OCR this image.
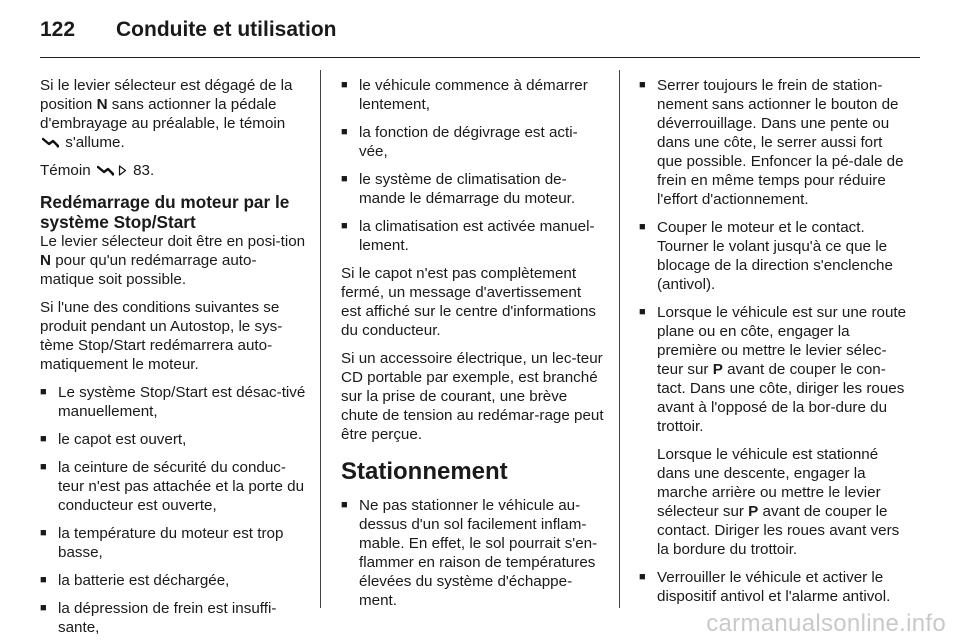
122	Conduite et utilisation

Si le levier sélecteur est dégagé de la position N sans actionner la pédale d'embrayage au préalable, le témoin  s'allume.

Témoin  83.

Redémarrage du moteur par le système Stop/Start

Le levier sélecteur doit être en posi-tion N pour qu'un redémarrage auto-matique soit possible.

Si l'une des conditions suivantes se produit pendant un Autostop, le sys-tème Stop/Start redémarrera auto-matiquement le moteur.

■ Le système Stop/Start est désac-tivé manuellement,
■ le capot est ouvert,
■ la ceinture de sécurité du conduc-teur n'est pas attachée et la porte du conducteur est ouverte,
■ la température du moteur est trop basse,
■ la batterie est déchargée,
■ la dépression de frein est insuffi-sante,
■ le véhicule commence à démarrer lentement,
■ la fonction de dégivrage est acti-vée,
■ le système de climatisation de-mande le démarrage du moteur.
■ la climatisation est activée manuel-lement.

Si le capot n'est pas complètement fermé, un message d'avertissement est affiché sur le centre d'informations du conducteur.

Si un accessoire électrique, un lec-teur CD portable par exemple, est branché sur la prise de courant, une brève chute de tension au redémar-rage peut être perçue.

Stationnement
■ Ne pas stationner le véhicule au-dessus d'un sol facilement inflam-mable. En effet, le sol pourrait s'en-flammer en raison de températures élevées du système d'échappe-ment.
■ Serrer toujours le frein de station-nement sans actionner le bouton de déverrouillage. Dans une pente ou dans une côte, le serrer aussi fort que possible. Enfoncer la pé-dale de frein en même temps pour réduire l'effort d'actionnement.
■ Couper le moteur et le contact. Tourner le volant jusqu'à ce que le blocage de la direction s'enclenche (antivol).
■ Lorsque le véhicule est sur une route plane ou en côte, engager la première ou mettre le levier sélec-teur sur P avant de couper le con-tact. Dans une côte, diriger les roues avant à l'opposé de la bor-dure du trottoir.
Lorsque le véhicule est stationné dans une descente, engager la marche arrière ou mettre le levier sélecteur sur P avant de couper le contact. Diriger les roues avant vers la bordure du trottoir.
■ Verrouiller le véhicule et activer le dispositif antivol et l'alarme antivol.
carmanualsonline.info
